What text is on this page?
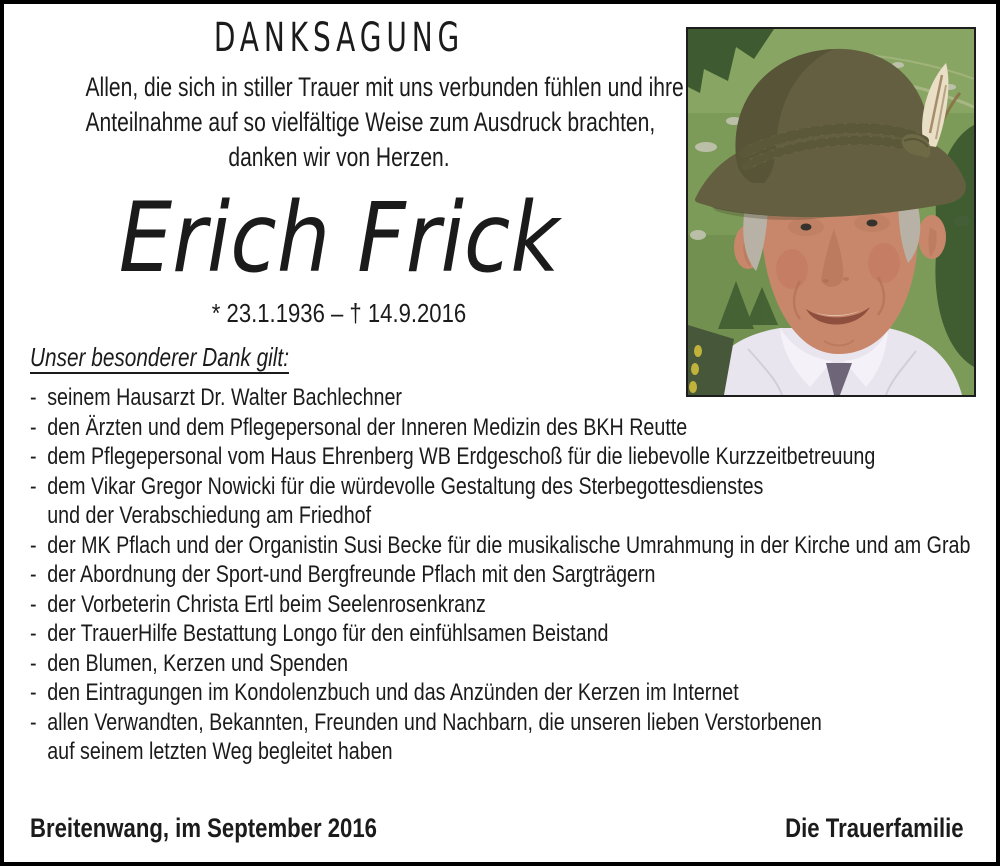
DANKSAGUNG
Allen, die sich in stiller Trauer mit uns verbunden fühlen und ihre
Anteilnahme auf so vielfältige Weise zum Ausdruck brachten,
danken wir von Herzen.
Erich Frick
* 23.1.1936 – † 14.9.2016
Unser besonderer Dank gilt:
- seinem Hausarzt Dr. Walter Bachlechner
- den Ärzten und dem Pflegepersonal der Inneren Medizin des BKH Reutte
- dem Pflegepersonal vom Haus Ehrenberg WB Erdgeschoß für die liebevolle Kurzzeitbetreuung
- dem Vikar Gregor Nowicki für die würdevolle Gestaltung des Sterbegottesdienstes
und der Verabschiedung am Friedhof
- der MK Pflach und der Organistin Susi Becke für die musikalische Umrahmung in der Kirche und am Grab
- der Abordnung der Sport-und Bergfreunde Pflach mit den Sargträgern
- der Vorbeterin Christa Ertl beim Seelenrosenkranz
- der TrauerHilfe Bestattung Longo für den einfühlsamen Beistand
- den Blumen, Kerzen und Spenden
- den Eintragungen im Kondolenzbuch und das Anzünden der Kerzen im Internet
- allen Verwandten, Bekannten, Freunden und Nachbarn, die unseren lieben Verstorbenen
auf seinem letzten Weg begleitet haben
Breitenwang, im September 2016	Die Trauerfamilie
